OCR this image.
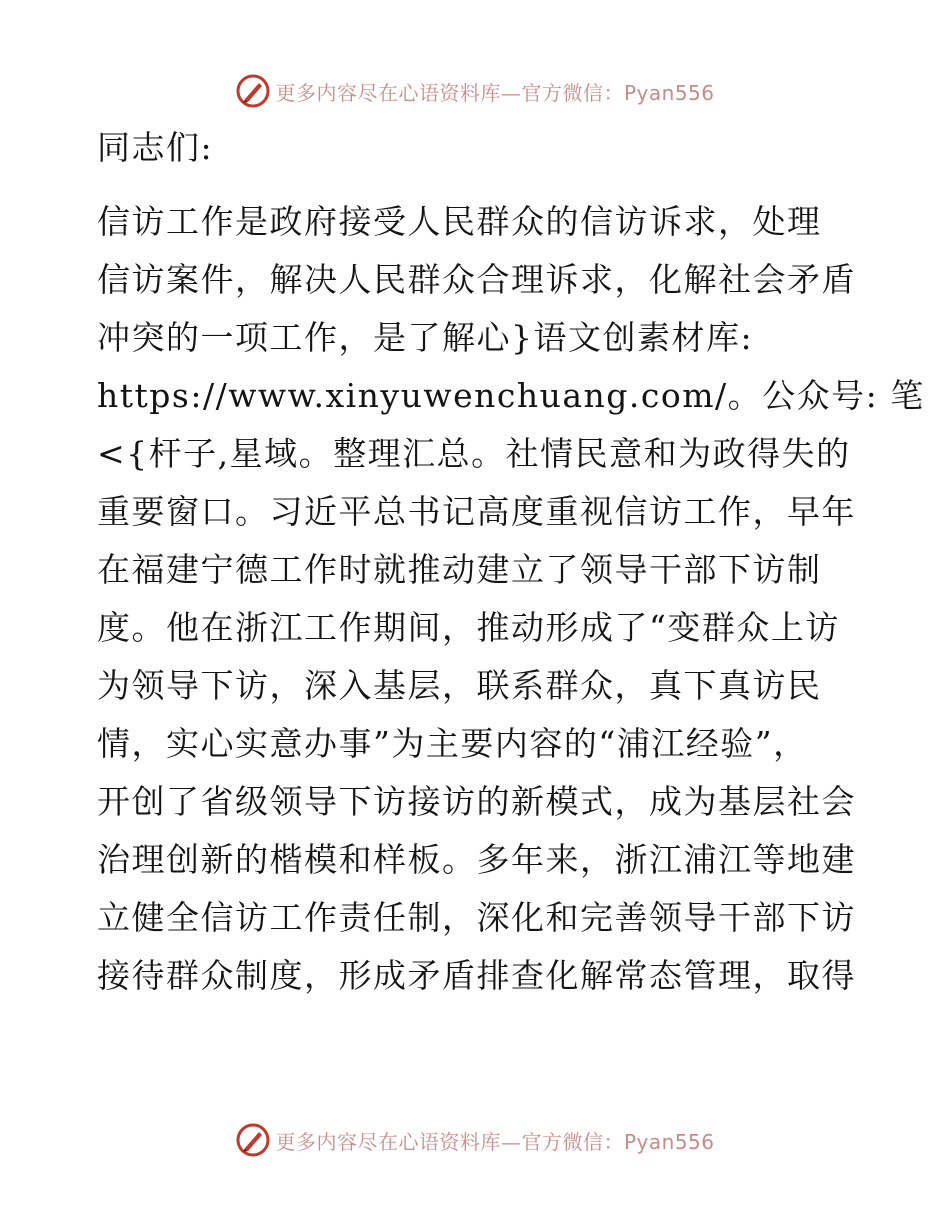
更多内容尽在心语资料库—官方微信：Pyan556
同志们:
信访工作是政府接受人民群众的信访诉求，处理
信访案件，解决人民群众合理诉求，化解社会矛盾
冲突的一项工作，是了解心}语文创素材库:
https://www.xinyuwenchuang.com/。公众号: 笔
<{杆子,星域。整理汇总。社情民意和为政得失的
重要窗口。习近平总书记高度重视信访工作，早年
在福建宁德工作时就推动建立了领导干部下访制
度。他在浙江工作期间，推动形成了“变群众上访
为领导下访，深入基层，联系群众，真下真访民
情，实心实意办事”为主要内容的“浦江经验”，
开创了省级领导下访接访的新模式，成为基层社会
治理创新的楷模和样板。多年来，浙江浦江等地建
立健全信访工作责任制，深化和完善领导干部下访
接待群众制度，形成矛盾排查化解常态管理，取得
更多内容尽在心语资料库—官方微信：Pyan556
